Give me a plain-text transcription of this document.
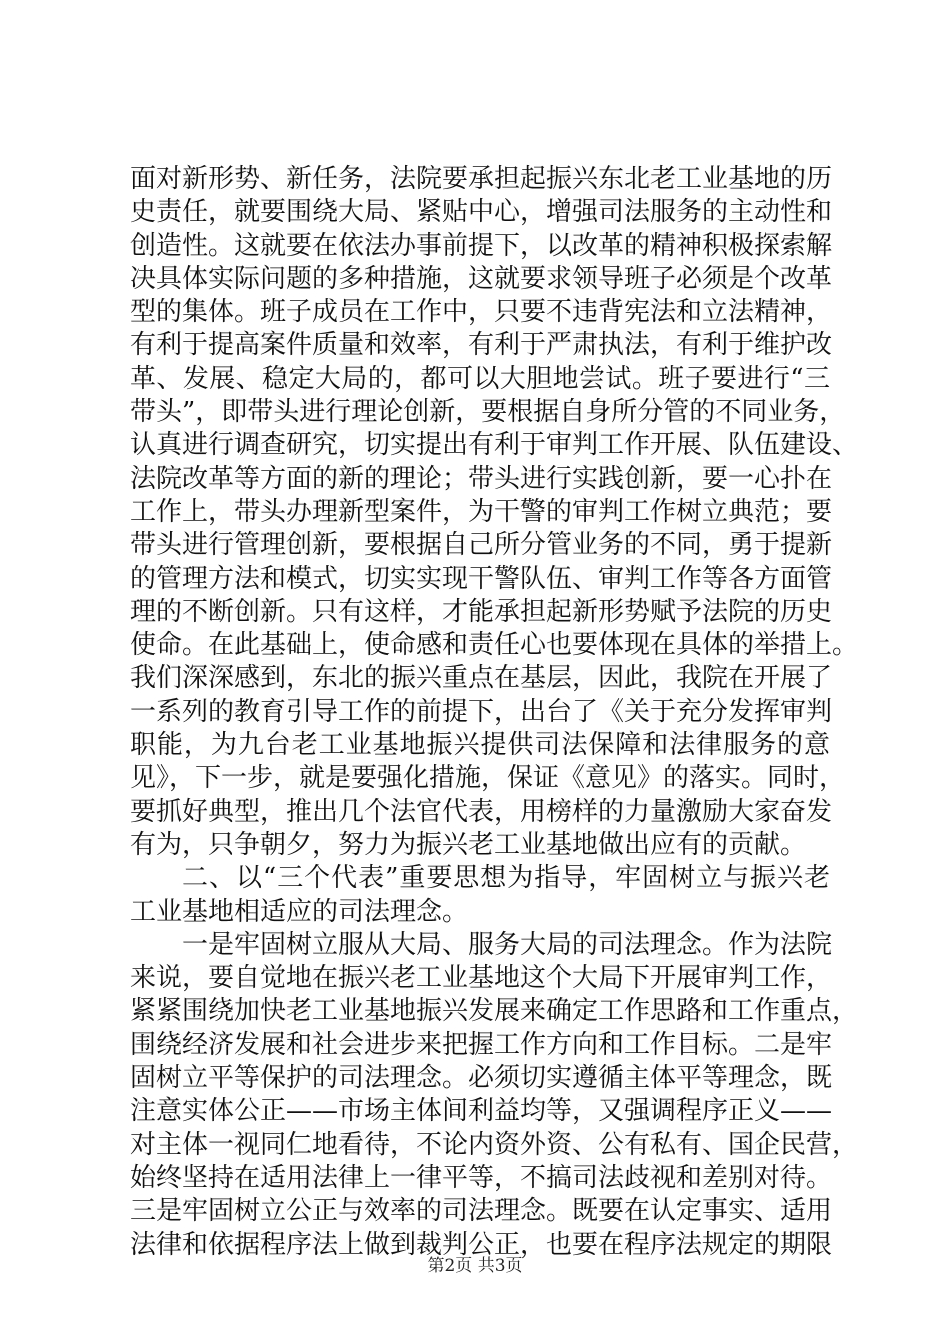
面对新形势、新任务，法院要承担起振兴东北老工业基地的历
史责任，就要围绕大局、紧贴中心，增强司法服务的主动性和
创造性。这就要在依法办事前提下，以改革的精神积极探索解
决具体实际问题的多种措施，这就要求领导班子必须是个改革
型的集体。班子成员在工作中，只要不违背宪法和立法精神，
有利于提高案件质量和效率，有利于严肃执法，有利于维护改
革、发展、稳定大局的，都可以大胆地尝试。班子要进行“三
带头”，即带头进行理论创新，要根据自身所分管的不同业务，
认真进行调查研究，切实提出有利于审判工作开展、队伍建设、
法院改革等方面的新的理论；带头进行实践创新，要一心扑在
工作上，带头办理新型案件，为干警的审判工作树立典范；要
带头进行管理创新，要根据自己所分管业务的不同，勇于提新
的管理方法和模式，切实实现干警队伍、审判工作等各方面管
理的不断创新。只有这样，才能承担起新形势赋予法院的历史
使命。在此基础上，使命感和责任心也要体现在具体的举措上。
我们深深感到，东北的振兴重点在基层，因此，我院在开展了
一系列的教育引导工作的前提下，出台了《关于充分发挥审判
职能，为九台老工业基地振兴提供司法保障和法律服务的意
见》，下一步，就是要强化措施，保证《意见》的落实。同时，
要抓好典型，推出几个法官代表，用榜样的力量激励大家奋发
有为，只争朝夕，努力为振兴老工业基地做出应有的贡献。
二、以“三个代表”重要思想为指导，牢固树立与振兴老
工业基地相适应的司法理念。
一是牢固树立服从大局、服务大局的司法理念。作为法院
来说，要自觉地在振兴老工业基地这个大局下开展审判工作，
紧紧围绕加快老工业基地振兴发展来确定工作思路和工作重点，
围绕经济发展和社会进步来把握工作方向和工作目标。二是牢
固树立平等保护的司法理念。必须切实遵循主体平等理念，既
注意实体公正——市场主体间利益均等，又强调程序正义——
对主体一视同仁地看待，不论内资外资、公有私有、国企民营，
始终坚持在适用法律上一律平等，不搞司法歧视和差别对待。
三是牢固树立公正与效率的司法理念。既要在认定事实、适用
法律和依据程序法上做到裁判公正，也要在程序法规定的期限
第2页 共3页
